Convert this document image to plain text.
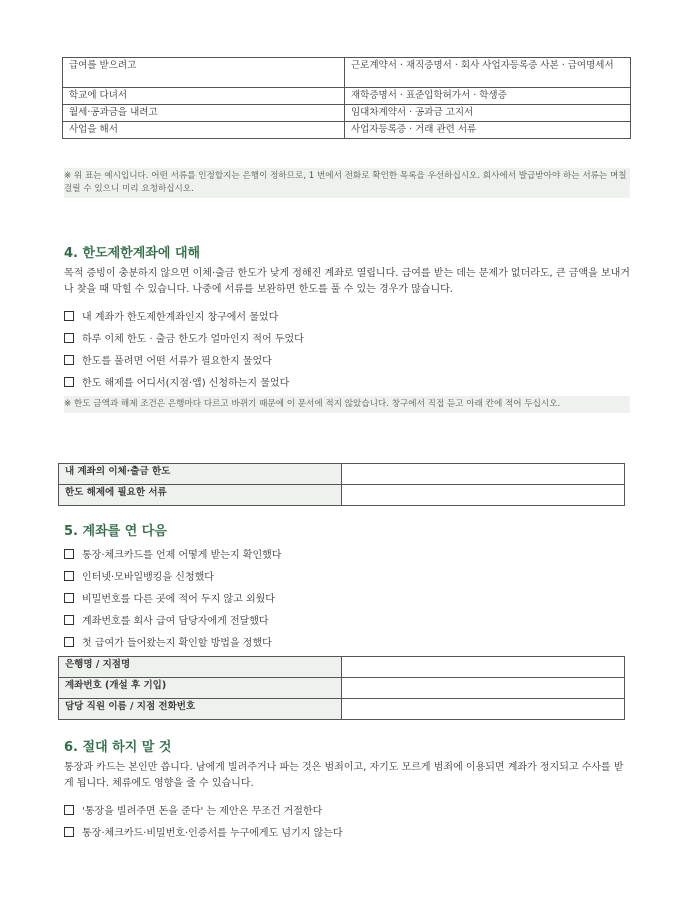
급여를 받으려고	근로계약서 · 재직증명서 · 회사 사업자등록증 사본 · 급여명세서
학교에 다녀서	재학증명서 · 표준입학허가서 · 학생증
월세·공과금을 내려고	임대차계약서 · 공과금 고지서
사업을 해서	사업자등록증 · 거래 관련 서류
※ 위 표는 예시입니다. 어떤 서류를 인정할지는 은행이 정하므로, 1 번에서 전화로 확인한 목록을 우선하십시오. 회사에서 발급받아야 하는 서류는 며칠 걸릴 수 있으니 미리 요청하십시오.
4. 한도제한계좌에 대해
목적 증빙이 충분하지 않으면 이체·출금 한도가 낮게 정해진 계좌로 열립니다. 급여를 받는 데는 문제가 없더라도, 큰 금액을 보내거나 찾을 때 막힐 수 있습니다. 나중에 서류를 보완하면 한도를 풀 수 있는 경우가 많습니다.
내 계좌가 한도제한계좌인지 창구에서 물었다
하루 이체 한도 · 출금 한도가 얼마인지 적어 두었다
한도를 풀려면 어떤 서류가 필요한지 물었다
한도 해제를 어디서(지점·앱) 신청하는지 물었다
※ 한도 금액과 해제 조건은 은행마다 다르고 바뀌기 때문에 이 문서에 적지 않았습니다. 창구에서 직접 듣고 아래 칸에 적어 두십시오.
내 계좌의 이체·출금 한도	
한도 해제에 필요한 서류	
5. 계좌를 연 다음
통장·체크카드를 언제 어떻게 받는지 확인했다
인터넷·모바일뱅킹을 신청했다
비밀번호를 다른 곳에 적어 두지 않고 외웠다
계좌번호를 회사 급여 담당자에게 전달했다
첫 급여가 들어왔는지 확인할 방법을 정했다
은행명 / 지점명	
계좌번호 (개설 후 기입)	
담당 직원 이름 / 지점 전화번호	
6. 절대 하지 말 것
통장과 카드는 본인만 씁니다. 남에게 빌려주거나 파는 것은 범죄이고, 자기도 모르게 범죄에 이용되면 계좌가 정지되고 수사를 받게 됩니다. 체류에도 영향을 줄 수 있습니다.
'통장을 빌려주면 돈을 준다' 는 제안은 무조건 거절한다
통장·체크카드·비밀번호·인증서를 누구에게도 넘기지 않는다
